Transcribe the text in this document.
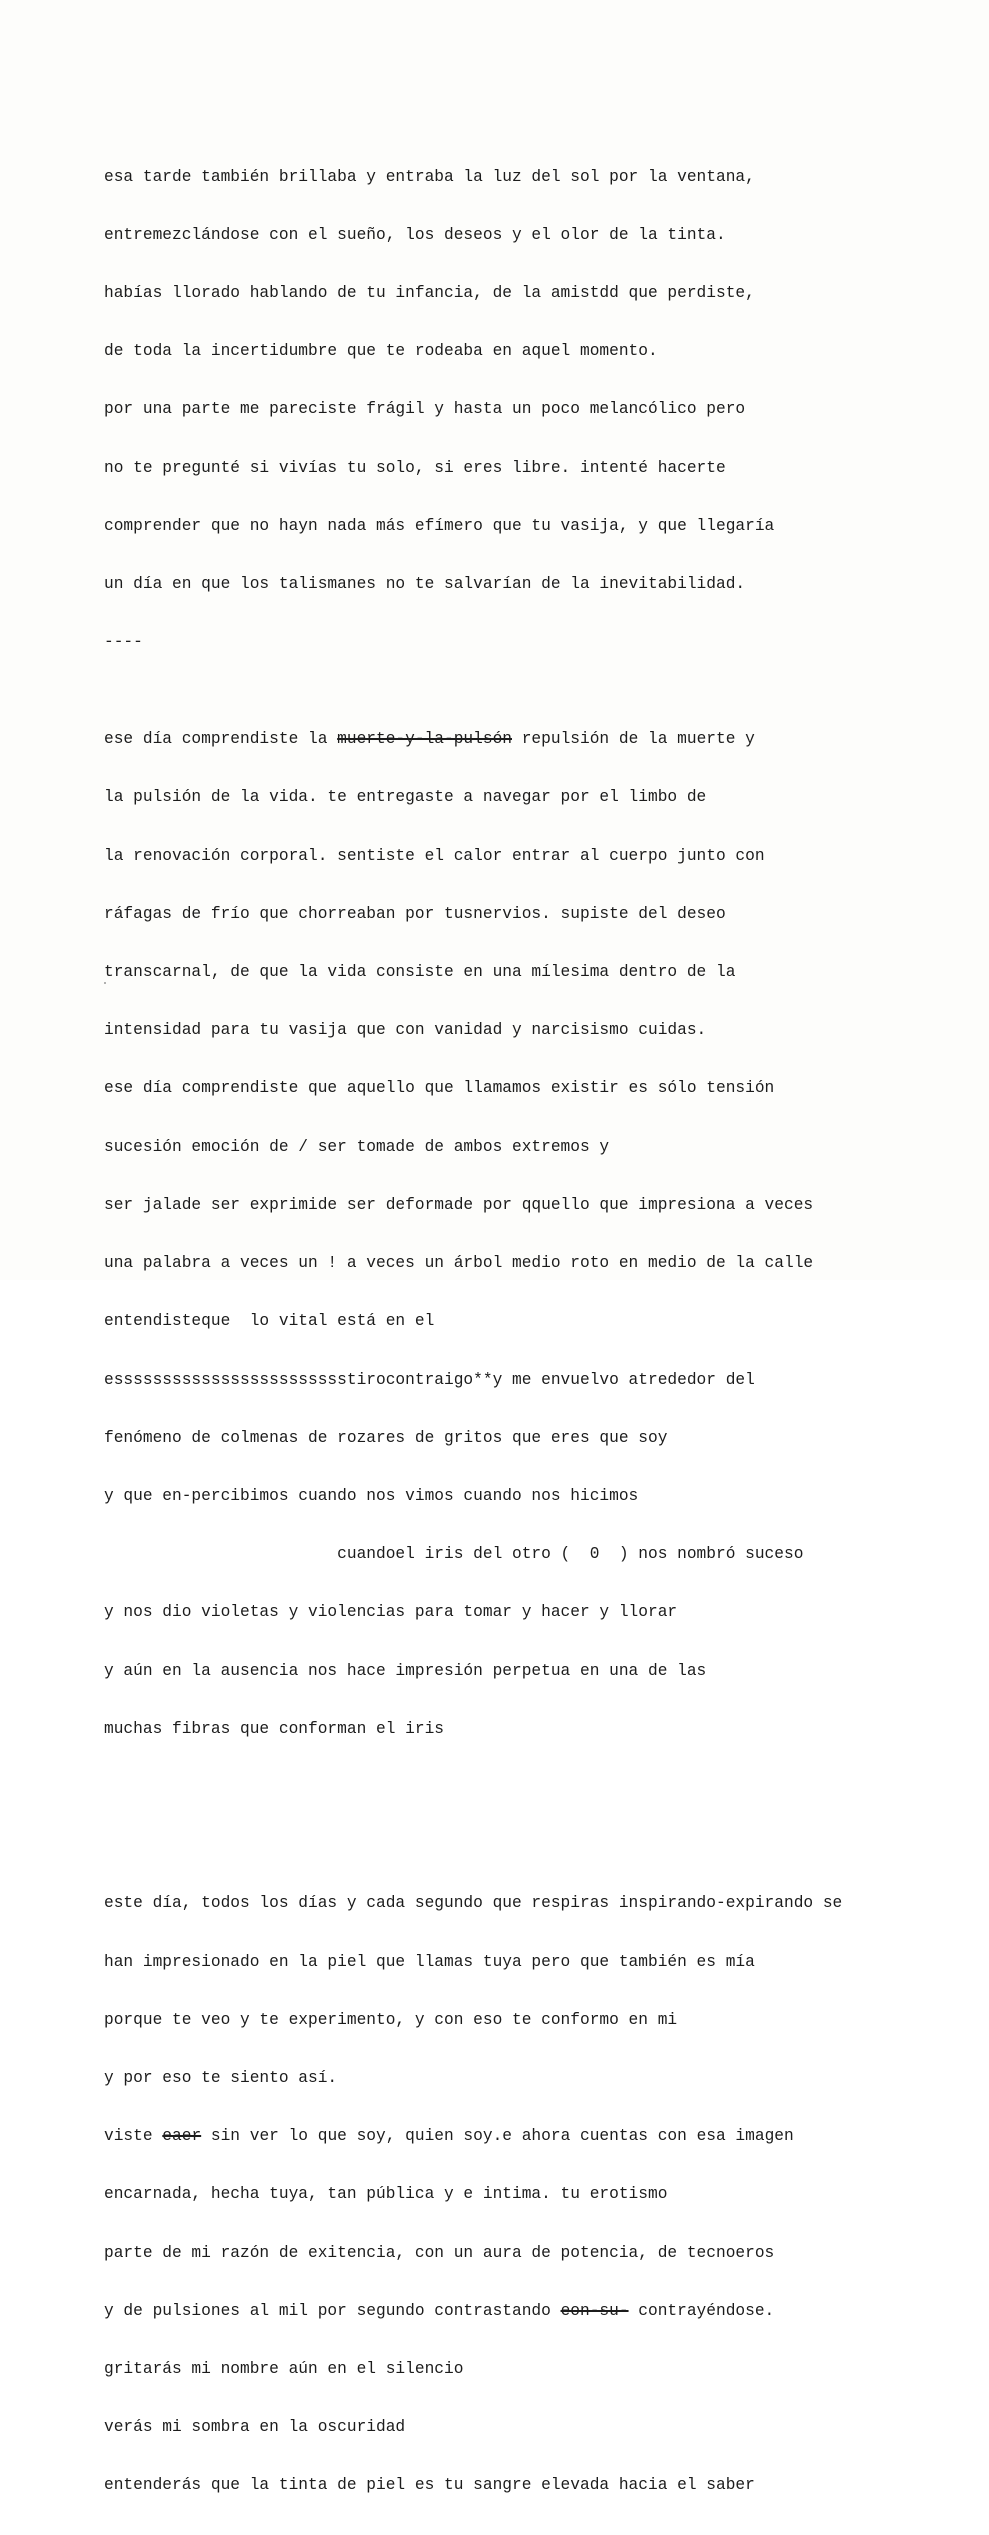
esa tarde también brillaba y entraba la luz del sol por la ventana,

entremezclándose con el sueño, los deseos y el olor de la tinta.

habías llorado hablando de tu infancia, de la amistdd que perdiste,

de toda la incertidumbre que te rodeaba en aquel momento.

por una parte me pareciste frágil y hasta un poco melancólico pero

no te pregunté si vivías tu solo, si eres libre. intenté hacerte

comprender que no hayn nada más efímero que tu vasija, y que llegaría

un día en que los talismanes no te salvarían de la inevitabilidad.

----

ese día comprendiste la muerte-y-la-pulsón repulsión de la muerte y

la pulsión de la vida. te entregaste a navegar por el limbo de

la renovación corporal. sentiste el calor entrar al cuerpo junto con

ráfagas de frío que chorreaban por tusnervios. supiste del deseo

transcarnal, de que la vida consiste en una mílesima dentro de la

intensidad para tu vasija que con vanidad y narcisismo cuidas.

ese día comprendiste que aquello que llamamos existir es sólo tensión

sucesión emoción de / ser tomade de ambos extremos y

ser jalade ser exprimide ser deformade por qquello que impresiona a veces

una palabra a veces un ! a veces un árbol medio roto en medio de la calle

entendisteque  lo vital está en el

esssssssssssssssssssssssstirocontraigo**y me envuelvo atrededor del

fenómeno de colmenas de rozares de gritos que eres que soy

y que en-percibimos cuando nos vimos cuando nos hicimos

cuandoel iris del otro (  0  ) nos nombró suceso

y nos dio violetas y violencias para tomar y hacer y llorar

y aún en la ausencia nos hace impresión perpetua en una de las

muchas fibras que conforman el iris

este día, todos los días y cada segundo que respiras inspirando-expirando se

han impresionado en la piel que llamas tuya pero que también es mía

porque te veo y te experimento, y con eso te conformo en mi

y por eso te siento así.

viste eaer sin ver lo que soy, quien soy.e ahora cuentas con esa imagen

encarnada, hecha tuya, tan pública y e intima. tu erotismo

parte de mi razón de exitencia, con un aura de potencia, de tecnoeros

y de pulsiones al mil por segundo contrastando eon-su- contrayéndose.

gritarás mi nombre aún en el silencio

verás mi sombra en la oscuridad

entenderás que la tinta de piel es tu sangre elevada hacia el saber
